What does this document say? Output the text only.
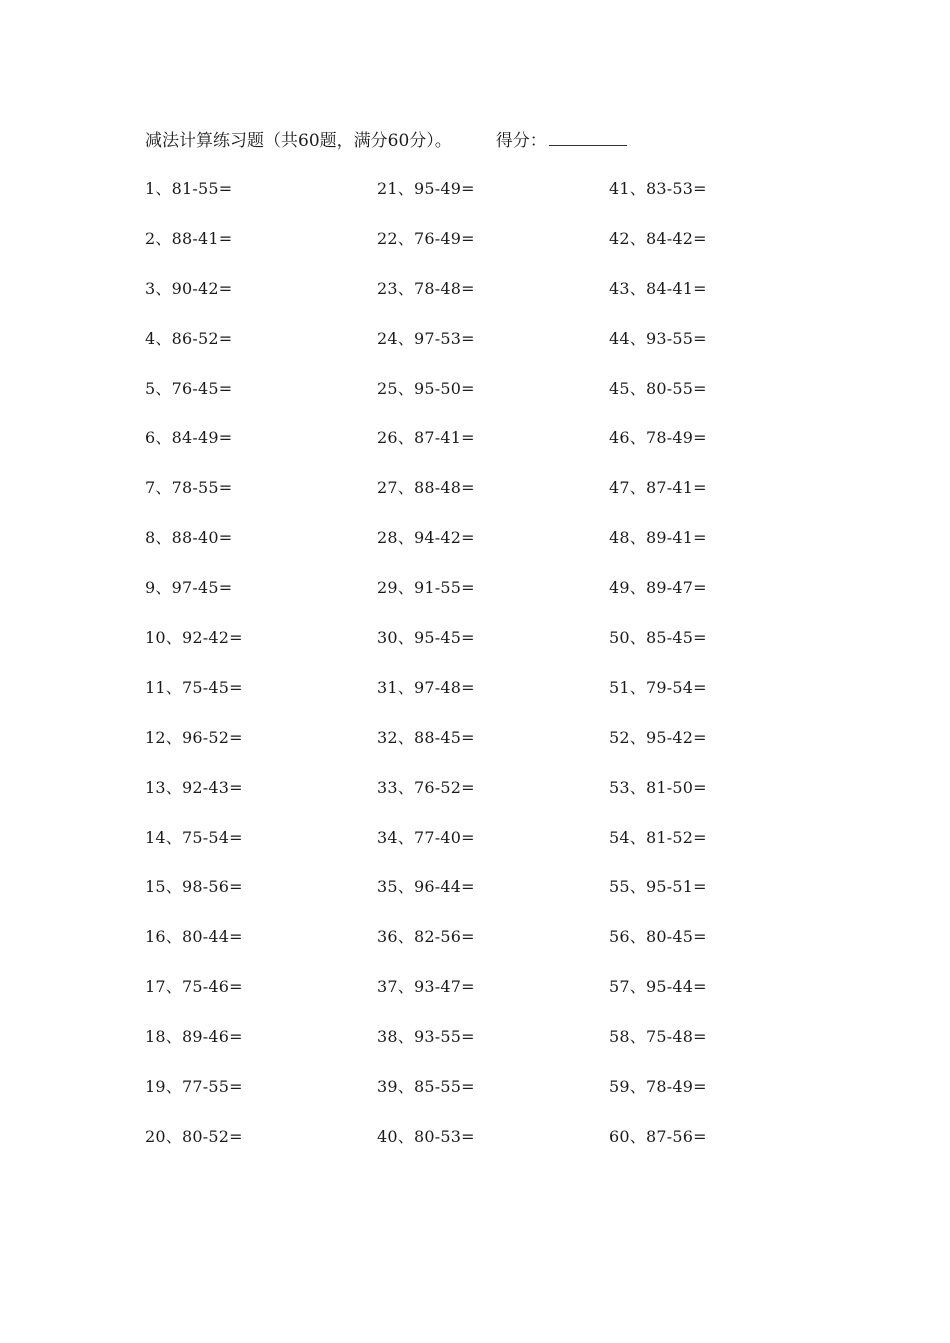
减法计算练习题（共60题，满分60分）。	得分：
1、81-55=
2、88-41=
3、90-42=
4、86-52=
5、76-45=
6、84-49=
7、78-55=
8、88-40=
9、97-45=
10、92-42=
11、75-45=
12、96-52=
13、92-43=
14、75-54=
15、98-56=
16、80-44=
17、75-46=
18、89-46=
19、77-55=
20、80-52=
21、95-49=
22、76-49=
23、78-48=
24、97-53=
25、95-50=
26、87-41=
27、88-48=
28、94-42=
29、91-55=
30、95-45=
31、97-48=
32、88-45=
33、76-52=
34、77-40=
35、96-44=
36、82-56=
37、93-47=
38、93-55=
39、85-55=
40、80-53=
41、83-53=
42、84-42=
43、84-41=
44、93-55=
45、80-55=
46、78-49=
47、87-41=
48、89-41=
49、89-47=
50、85-45=
51、79-54=
52、95-42=
53、81-50=
54、81-52=
55、95-51=
56、80-45=
57、95-44=
58、75-48=
59、78-49=
60、87-56=
